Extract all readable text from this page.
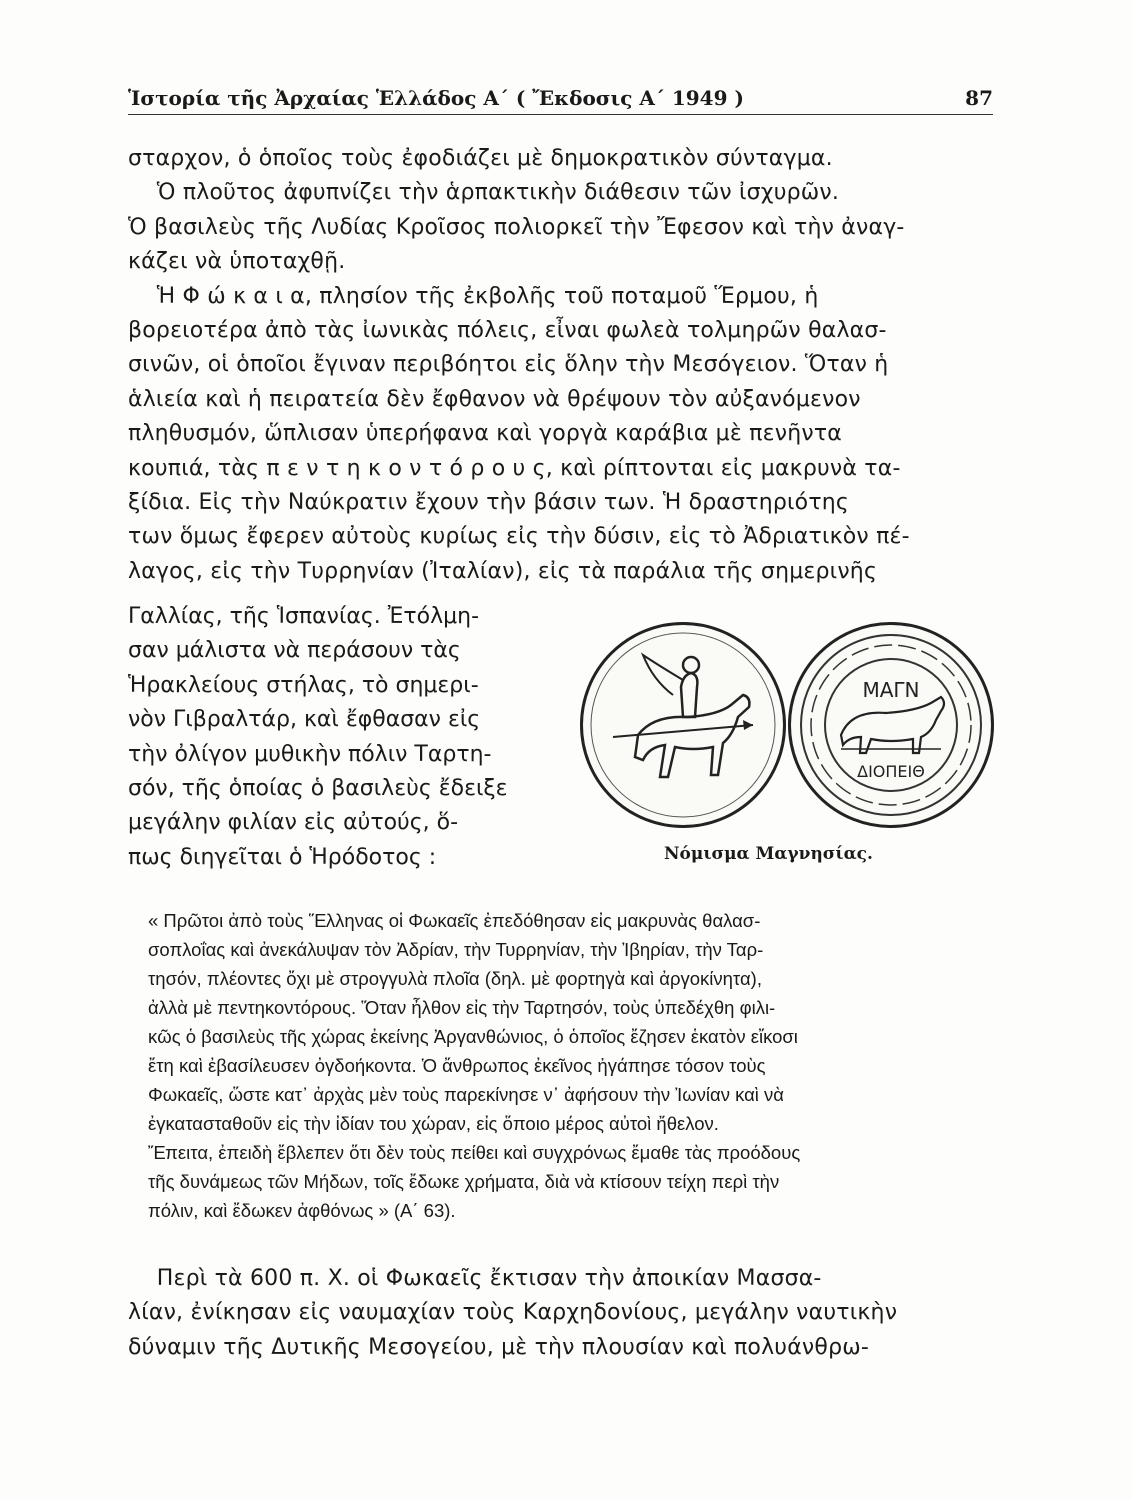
Ἱστορία τῆς Ἀρχαίας Ἑλλάδος Α΄ ( Ἔκδοσις Α΄ 1949 )	87
σταρχον, ὁ ὁποῖος τοὺς ἐφοδιάζει μὲ δημοκρατικὸν σύνταγμα.
Ὁ πλοῦτος ἀφυπνίζει τὴν ἁρπακτικὴν διάθεσιν τῶν ἰσχυρῶν.
Ὁ βασιλεὺς τῆς Λυδίας Κροῖσος πολιορκεῖ τὴν Ἔφεσον καὶ τὴν ἀναγ-
κάζει νὰ ὑποταχθῇ.
Ἡ Φ ώ κ α ι α, πλησίον τῆς ἐκβολῆς τοῦ ποταμοῦ Ἕρμου, ἡ
βορειοτέρα ἀπὸ τὰς ἰωνικὰς πόλεις, εἶναι φωλεὰ τολμηρῶν θαλασ-
σινῶν, οἱ ὁποῖοι ἔγιναν περιβόητοι εἰς ὅλην τὴν Μεσόγειον. Ὅταν ἡ
ἁλιεία καὶ ἡ πειρατεία δὲν ἔφθανον νὰ θρέψουν τὸν αὐξανόμενον
πληθυσμόν, ὥπλισαν ὑπερήφανα καὶ γοργὰ καράβια μὲ πενῆντα
κουπιά, τὰς π ε ν τ η κ ο ν τ ό ρ ο υ ς, καὶ ρίπτονται εἰς μακρυνὰ τα-
ξίδια. Εἰς τὴν Ναύκρατιν ἔχουν τὴν βάσιν των. Ἡ δραστηριότης
των ὅμως ἔφερεν αὐτοὺς κυρίως εἰς τὴν δύσιν, εἰς τὸ Ἀδριατικὸν πέ-
λαγος, εἰς τὴν Τυρρηνίαν (Ἰταλίαν), εἰς τὰ παράλια τῆς σημερινῆς
Γαλλίας, τῆς Ἱσπανίας. Ἐτόλμη-
σαν μάλιστα νὰ περάσουν τὰς
Ἡρακλείους στήλας, τὸ σημερι-
νὸν Γιβραλτάρ, καὶ ἔφθασαν εἰς
τὴν ὀλίγον μυθικὴν πόλιν Ταρτη-
σόν, τῆς ὁποίας ὁ βασιλεὺς ἔδειξε
μεγάλην φιλίαν εἰς αὐτούς, ὅ-
πως διηγεῖται ὁ Ἡρόδοτος :
ΜΑΓΝ
ΔΙΟΠΕΙΘ
Νόμισμα Μαγνησίας.
« Πρῶτοι ἀπὸ τοὺς Ἕλληνας οἱ Φωκαεῖς ἐπεδόθησαν εἰς μακρυνὰς θαλασ-
σοπλοΐας καὶ ἀνεκάλυψαν τὸν Ἀδρίαν, τὴν Τυρρηνίαν, τὴν Ἰβηρίαν, τὴν Ταρ-
τησόν, πλέοντες ὄχι μὲ στρογγυλὰ πλοῖα (δηλ. μὲ φορτηγὰ καὶ ἀργοκίνητα),
ἀλλὰ μὲ πεντηκοντόρους. Ὅταν ἦλθον εἰς τὴν Ταρτησόν, τοὺς ὑπεδέχθη φιλι-
κῶς ὁ βασιλεὺς τῆς χώρας ἐκείνης Ἀργανθώνιος, ὁ ὁποῖος ἔζησεν ἑκατὸν εἴκοσι
ἔτη καὶ ἐβασίλευσεν ὀγδοήκοντα. Ὁ ἄνθρωπος ἐκεῖνος ἠγάπησε τόσον τοὺς
Φωκαεῖς, ὥστε κατ᾽ ἀρχὰς μὲν τοὺς παρεκίνησε ν᾽ ἀφήσουν τὴν Ἰωνίαν καὶ νὰ
ἐγκατασταθοῦν εἰς τὴν ἰδίαν του χώραν, εἰς ὅποιο μέρος αὐτοὶ ἤθελον.
Ἔπειτα, ἐπειδὴ ἔβλεπεν ὅτι δὲν τοὺς πείθει καὶ συγχρόνως ἔμαθε τὰς προόδους
τῆς δυνάμεως τῶν Μήδων, τοῖς ἔδωκε χρήματα, διὰ νὰ κτίσουν τείχη περὶ τὴν
πόλιν, καὶ ἔδωκεν ἀφθόνως » (Α΄ 63).
Περὶ τὰ 600 π. Χ. οἱ Φωκαεῖς ἔκτισαν τὴν ἀποικίαν Μασσα-
λίαν, ἐνίκησαν εἰς ναυμαχίαν τοὺς Καρχηδονίους, μεγάλην ναυτικὴν
δύναμιν τῆς Δυτικῆς Μεσογείου, μὲ τὴν πλουσίαν καὶ πολυάνθρω-
